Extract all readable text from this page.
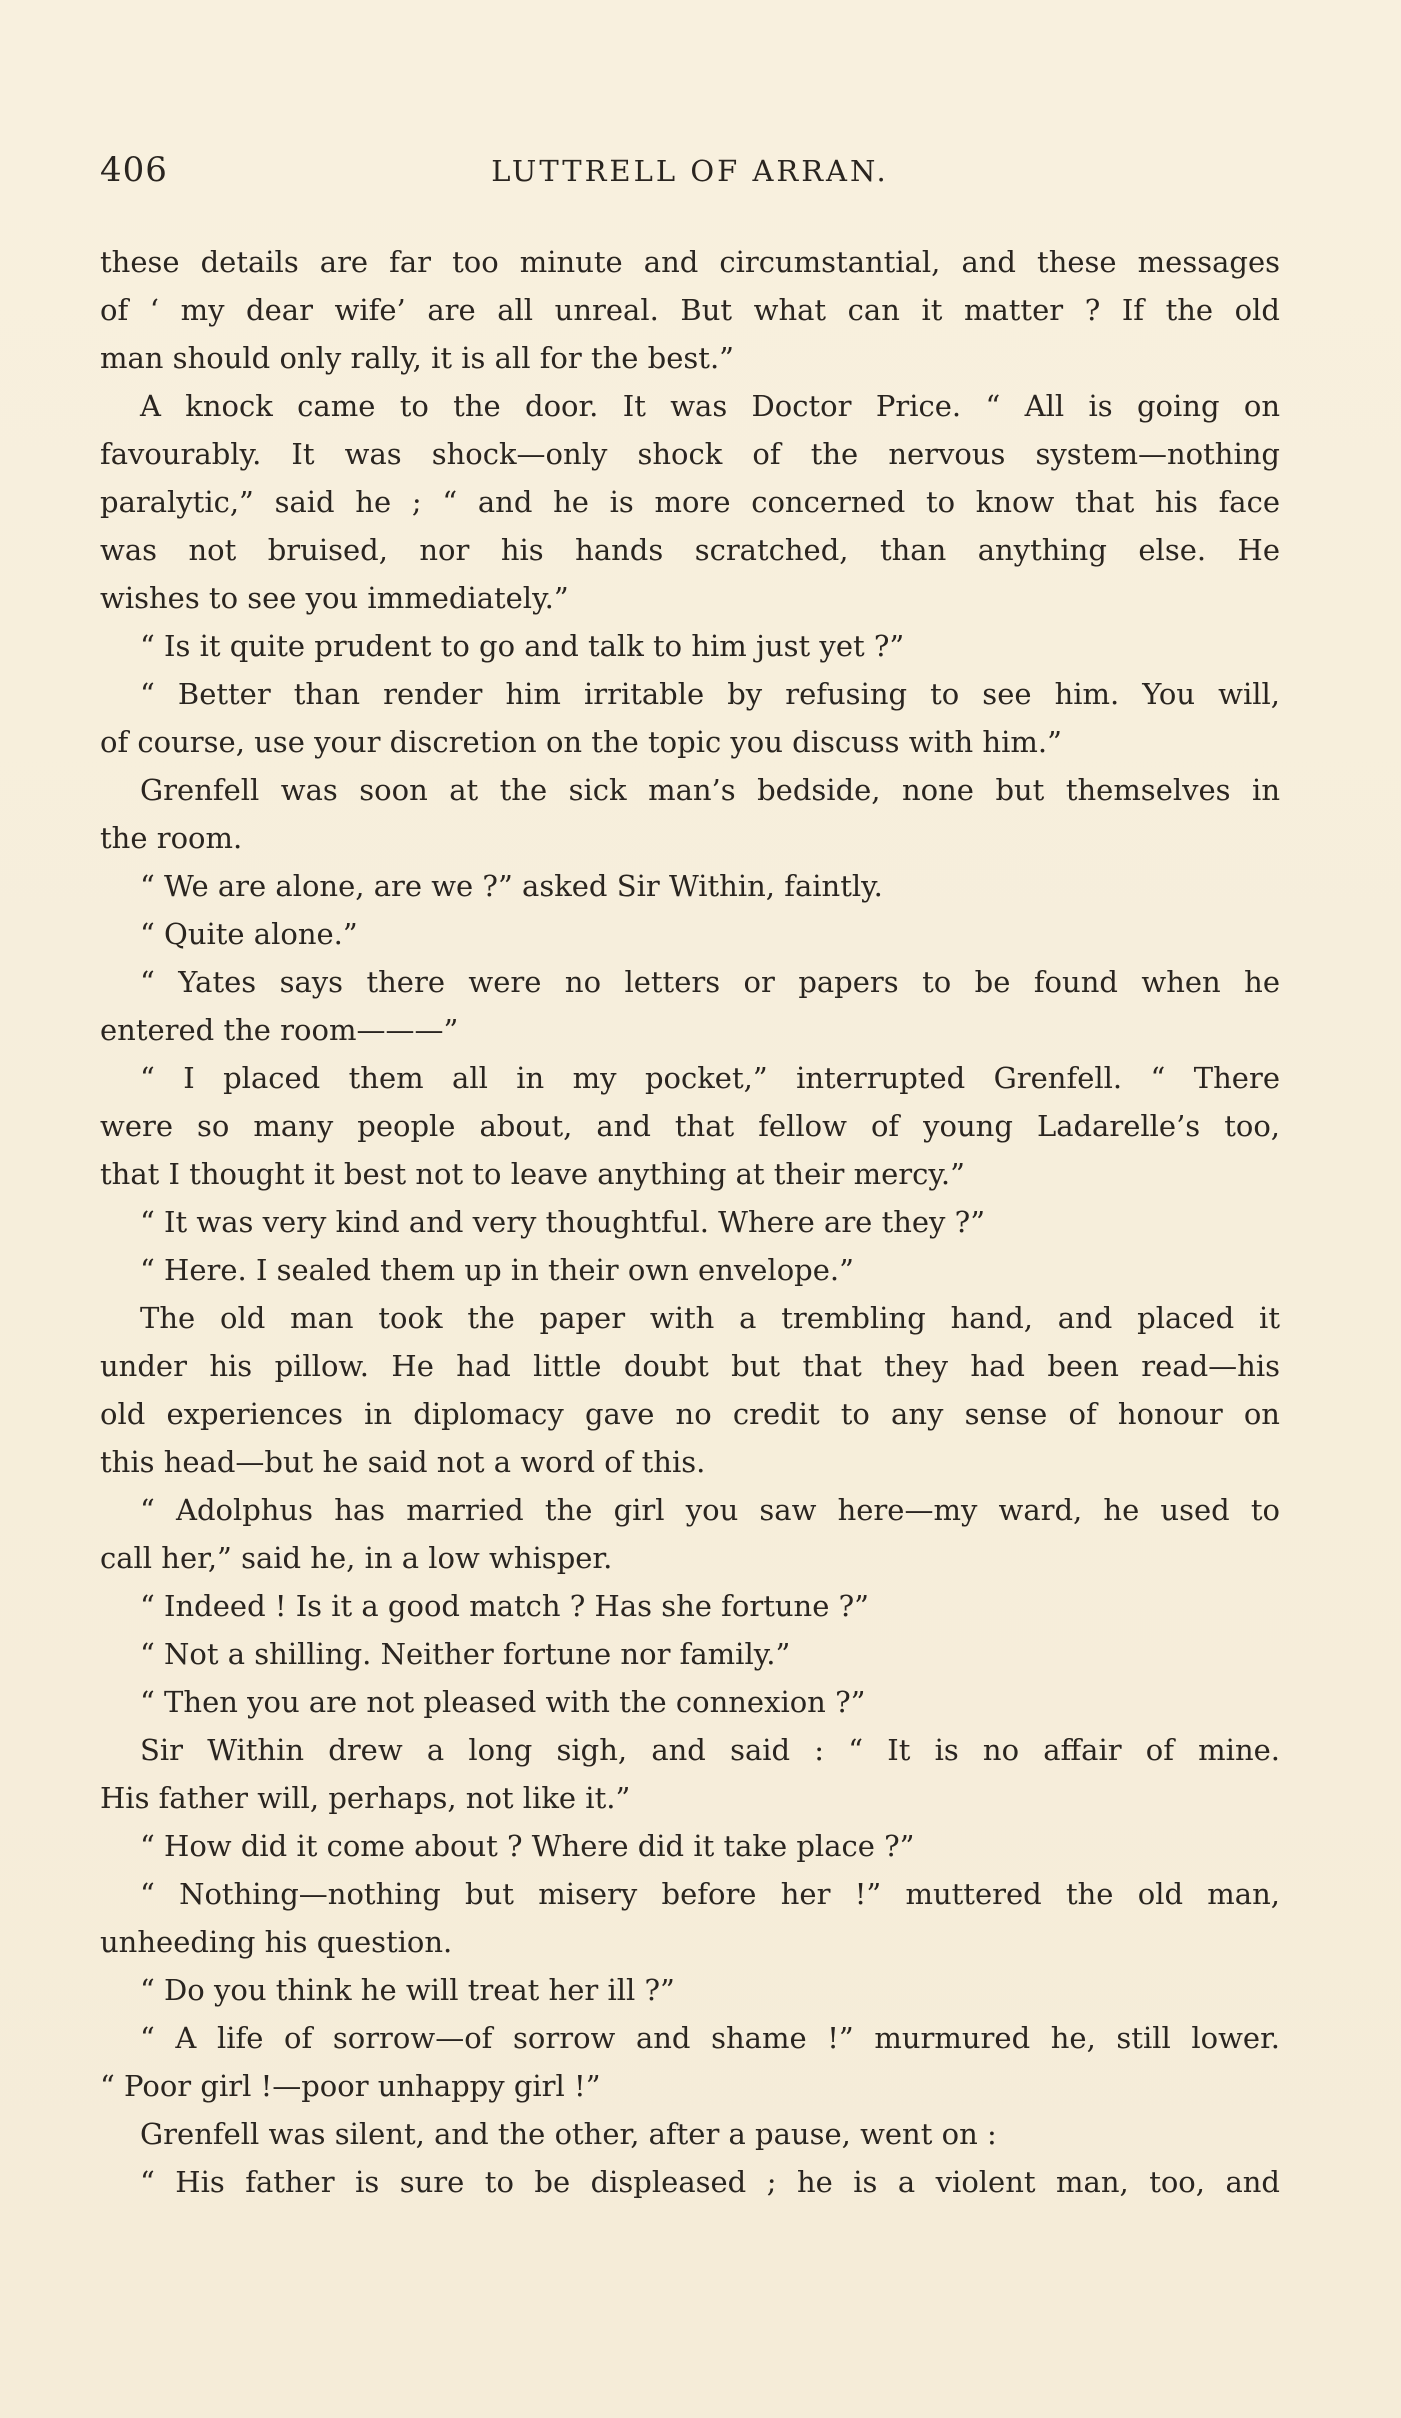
406	LUTTRELL OF ARRAN.
these details are far too minute and circumstantial, and these messages
of ‘ my dear wife’ are all unreal. But what can it matter ? If the old
man should only rally, it is all for the best.”
A knock came to the door. It was Doctor Price. “ All is going on
favourably. It was shock—only shock of the nervous system—nothing
paralytic,” said he ; “ and he is more concerned to know that his face
was not bruised, nor his hands scratched, than anything else. He
wishes to see you immediately.”
“ Is it quite prudent to go and talk to him just yet ?”
“ Better than render him irritable by refusing to see him. You will,
of course, use your discretion on the topic you discuss with him.”
Grenfell was soon at the sick man’s bedside, none but themselves in
the room.
“ We are alone, are we ?” asked Sir Within, faintly.
“ Quite alone.”
“ Yates says there were no letters or papers to be found when he
entered the room———”
“ I placed them all in my pocket,” interrupted Grenfell. “ There
were so many people about, and that fellow of young Ladarelle’s too,
that I thought it best not to leave anything at their mercy.”
“ It was very kind and very thoughtful. Where are they ?”
“ Here. I sealed them up in their own envelope.”
The old man took the paper with a trembling hand, and placed it
under his pillow. He had little doubt but that they had been read—his
old experiences in diplomacy gave no credit to any sense of honour on
this head—but he said not a word of this.
“ Adolphus has married the girl you saw here—my ward, he used to
call her,” said he, in a low whisper.
“ Indeed ! Is it a good match ? Has she fortune ?”
“ Not a shilling. Neither fortune nor family.”
“ Then you are not pleased with the connexion ?”
Sir Within drew a long sigh, and said : “ It is no affair of mine.
His father will, perhaps, not like it.”
“ How did it come about ? Where did it take place ?”
“ Nothing—nothing but misery before her !” muttered the old man,
unheeding his question.
“ Do you think he will treat her ill ?”
“ A life of sorrow—of sorrow and shame !” murmured he, still lower.
“ Poor girl !—poor unhappy girl !”
Grenfell was silent, and the other, after a pause, went on :
“ His father is sure to be displeased ; he is a violent man, too, and
